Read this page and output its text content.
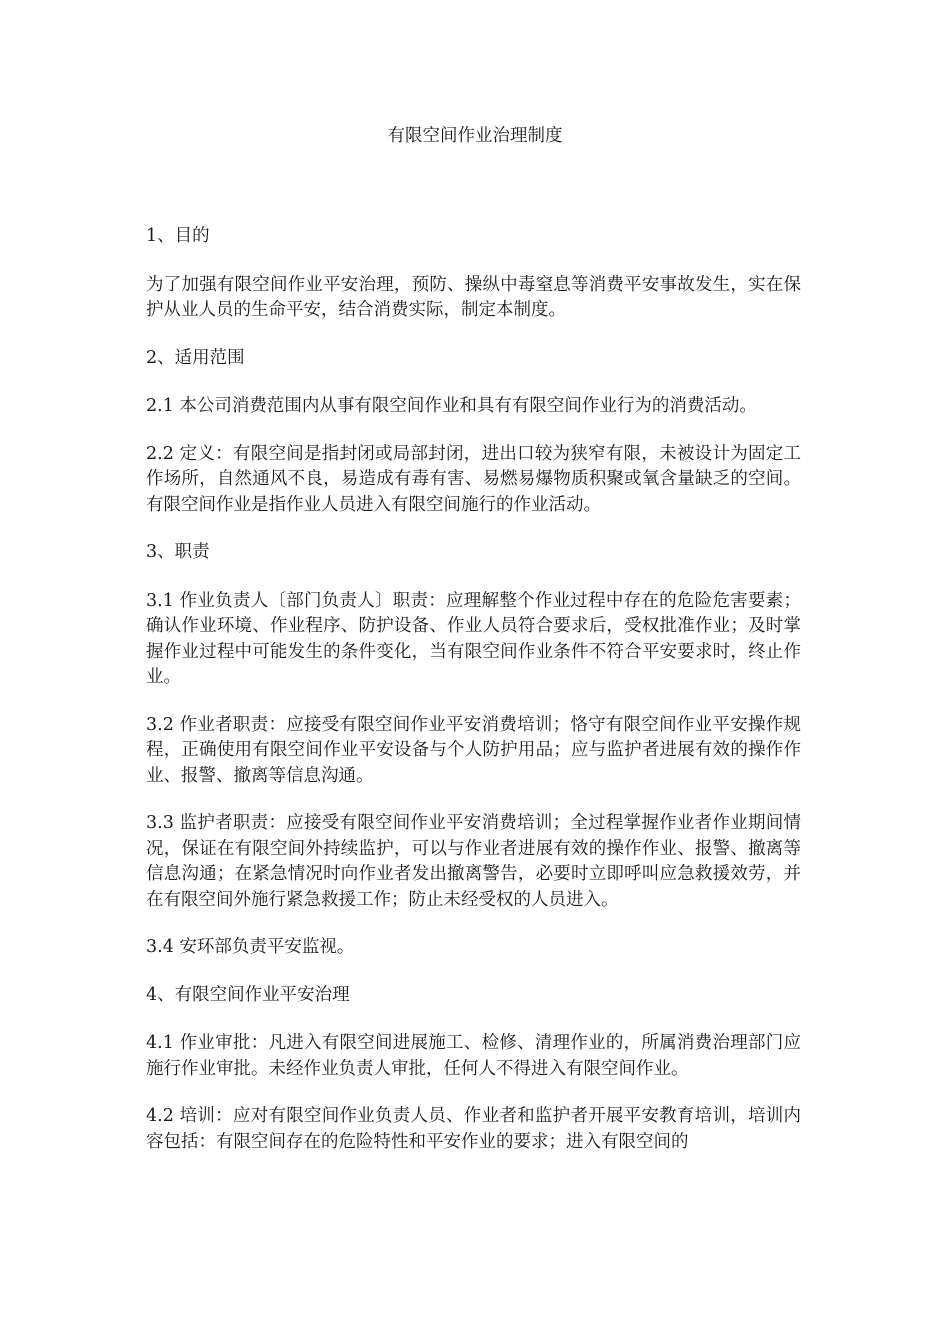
有限空间作业治理制度

1、目的

为了加强有限空间作业平安治理，预防、操纵中毒窒息等消费平安事故发生，实在保护从业人员的生命平安，结合消费实际，制定本制度。

2、适用范围

2.1 本公司消费范围内从事有限空间作业和具有有限空间作业行为的消费活动。

2.2 定义：有限空间是指封闭或局部封闭，进出口较为狭窄有限，未被设计为固定工作场所，自然通风不良，易造成有毒有害、易燃易爆物质积聚或氧含量缺乏的空间。有限空间作业是指作业人员进入有限空间施行的作业活动。

3、职责

3.1 作业负责人〔部门负责人〕职责：应理解整个作业过程中存在的危险危害要素；确认作业环境、作业程序、防护设备、作业人员符合要求后，受权批准作业；及时掌握作业过程中可能发生的条件变化，当有限空间作业条件不符合平安要求时，终止作业。

3.2 作业者职责：应接受有限空间作业平安消费培训；恪守有限空间作业平安操作规程，正确使用有限空间作业平安设备与个人防护用品；应与监护者进展有效的操作作业、报警、撤离等信息沟通。

3.3 监护者职责：应接受有限空间作业平安消费培训；全过程掌握作业者作业期间情况，保证在有限空间外持续监护，可以与作业者进展有效的操作作业、报警、撤离等信息沟通；在紧急情况时向作业者发出撤离警告，必要时立即呼叫应急救援效劳，并在有限空间外施行紧急救援工作；防止未经受权的人员进入。

3.4 安环部负责平安监视。

4、有限空间作业平安治理

4.1 作业审批：凡进入有限空间进展施工、检修、清理作业的，所属消费治理部门应施行作业审批。未经作业负责人审批，任何人不得进入有限空间作业。

4.2 培训：应对有限空间作业负责人员、作业者和监护者开展平安教育培训，培训内容包括：有限空间存在的危险特性和平安作业的要求；进入有限空间的
